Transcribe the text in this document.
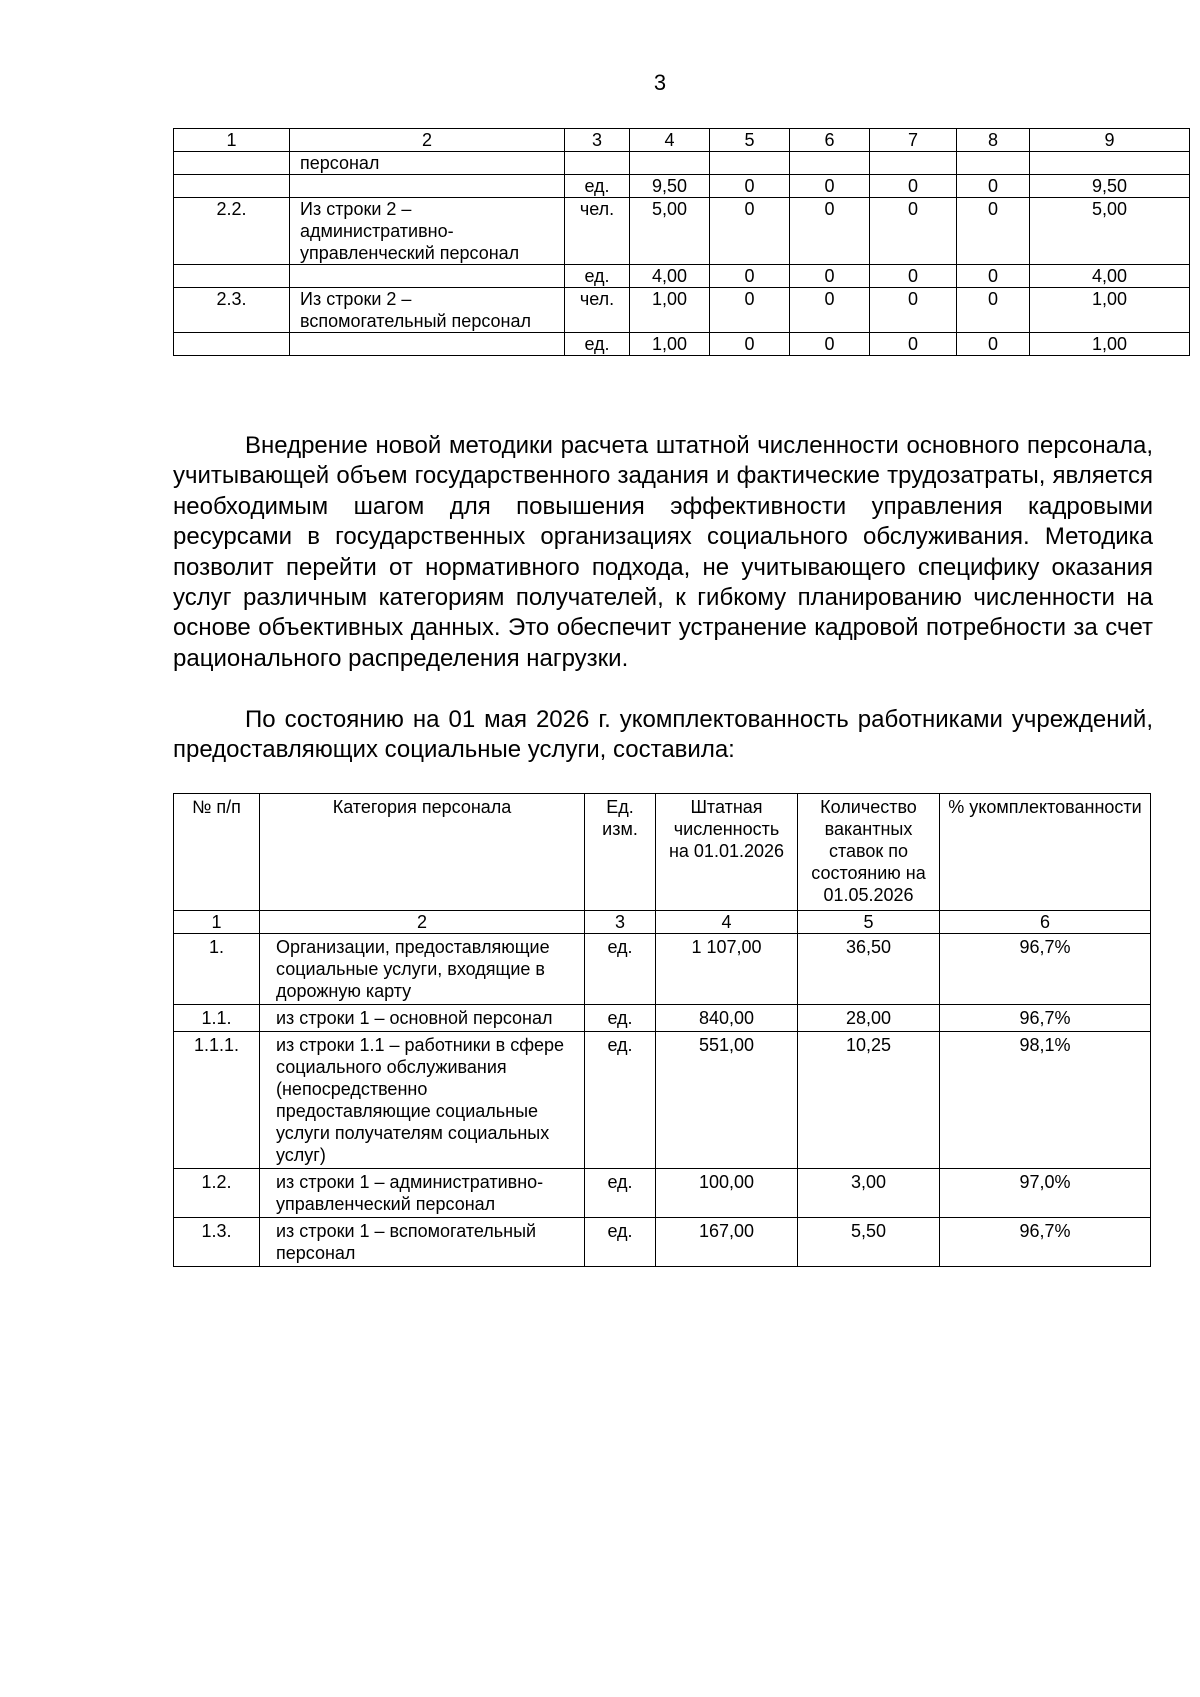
3
1	2	3	4	5	6	7	8	9
	персонал							
		ед.	9,50	0	0	0	0	9,50
2.2.	Из строки 2 – административно-управленческий персонал	чел.	5,00	0	0	0	0	5,00
		ед.	4,00	0	0	0	0	4,00
2.3.	Из строки 2 – вспомогательный персонал	чел.	1,00	0	0	0	0	1,00
		ед.	1,00	0	0	0	0	1,00

Внедрение новой методики расчета штатной численности основного персонала, учитывающей объем государственного задания и фактические трудозатраты, является необходимым шагом для повышения эффективности управления кадровыми ресурсами в государственных организациях социального обслуживания. Методика позволит перейти от нормативного подхода, не учитывающего специфику оказания услуг различным категориям получателей, к гибкому планированию численности на основе объективных данных. Это обеспечит устранение кадровой потребности за счет рационального распределения нагрузки.

По состоянию на 01 мая 2026 г. укомплектованность работниками учреждений, предоставляющих социальные услуги, составила:

№ п/п	Категория персонала	Ед. изм.	Штатная численность на 01.01.2026	Количество вакантных ставок по состоянию на 01.05.2026	% укомплектованности
1	2	3	4	5	6
1.	Организации, предоставляющие социальные услуги, входящие в дорожную карту	ед.	1 107,00	36,50	96,7%
1.1.	из строки 1 – основной персонал	ед.	840,00	28,00	96,7%
1.1.1.	из строки 1.1 – работники в сфере социального обслуживания (непосредственно предоставляющие социальные услуги получателям социальных услуг)	ед.	551,00	10,25	98,1%
1.2.	из строки 1 – административно-управленческий персонал	ед.	100,00	3,00	97,0%
1.3.	из строки 1 – вспомогательный персонал	ед.	167,00	5,50	96,7%
